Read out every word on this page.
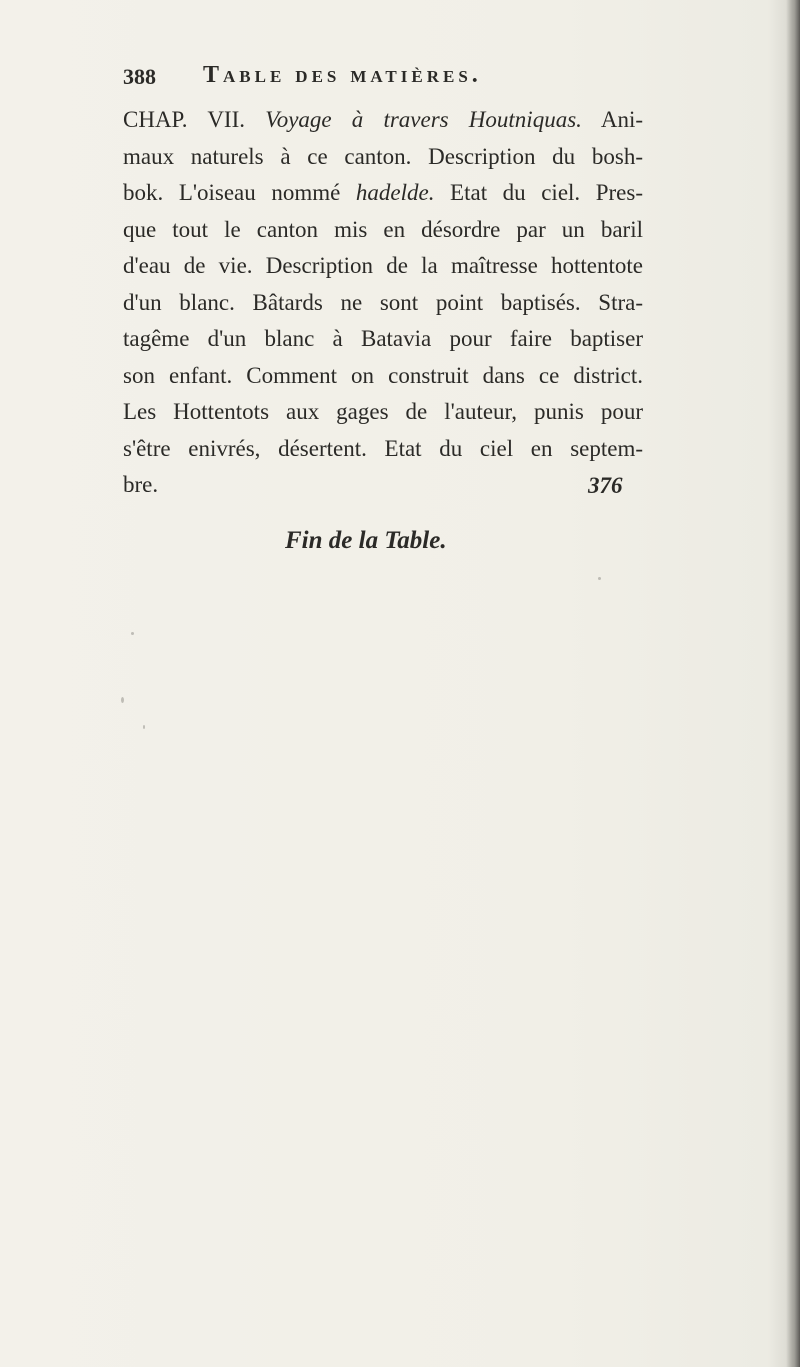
388 Table des matières.
CHAP. VII. Voyage à travers Houtniquas. Ani-
maux naturels à ce canton. Description du bosh-
bok. L'oiseau nommé hadelde. Etat du ciel. Pres-
que tout le canton mis en désordre par un baril
d'eau de vie. Description de la maîtresse hottentote
d'un blanc. Bâtards ne sont point baptisés. Stra-
tagême d'un blanc à Batavia pour faire baptiser
son enfant. Comment on construit dans ce district.
Les Hottentots aux gages de l'auteur, punis pour
s'être enivrés, désertent. Etat du ciel en septem-
bre.	376
Fin de la Table.
